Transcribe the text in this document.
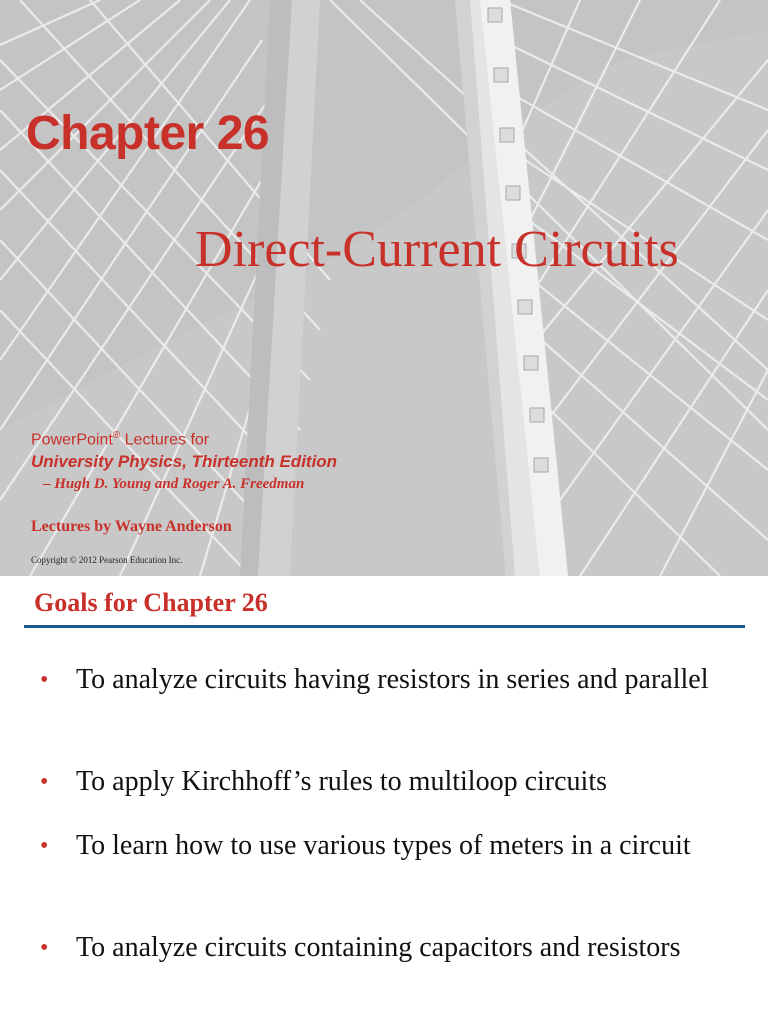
Chapter 26
Direct-Current Circuits
PowerPoint® Lectures for
University Physics, Thirteenth Edition
– Hugh D. Young and Roger A. Freedman
Lectures by Wayne Anderson
Copyright © 2012 Pearson Education Inc.
Goals for Chapter 26
• To analyze circuits having resistors in series and parallel
• To apply Kirchhoff’s rules to multiloop circuits
• To learn how to use various types of meters in a circuit
• To analyze circuits containing capacitors and resistors
